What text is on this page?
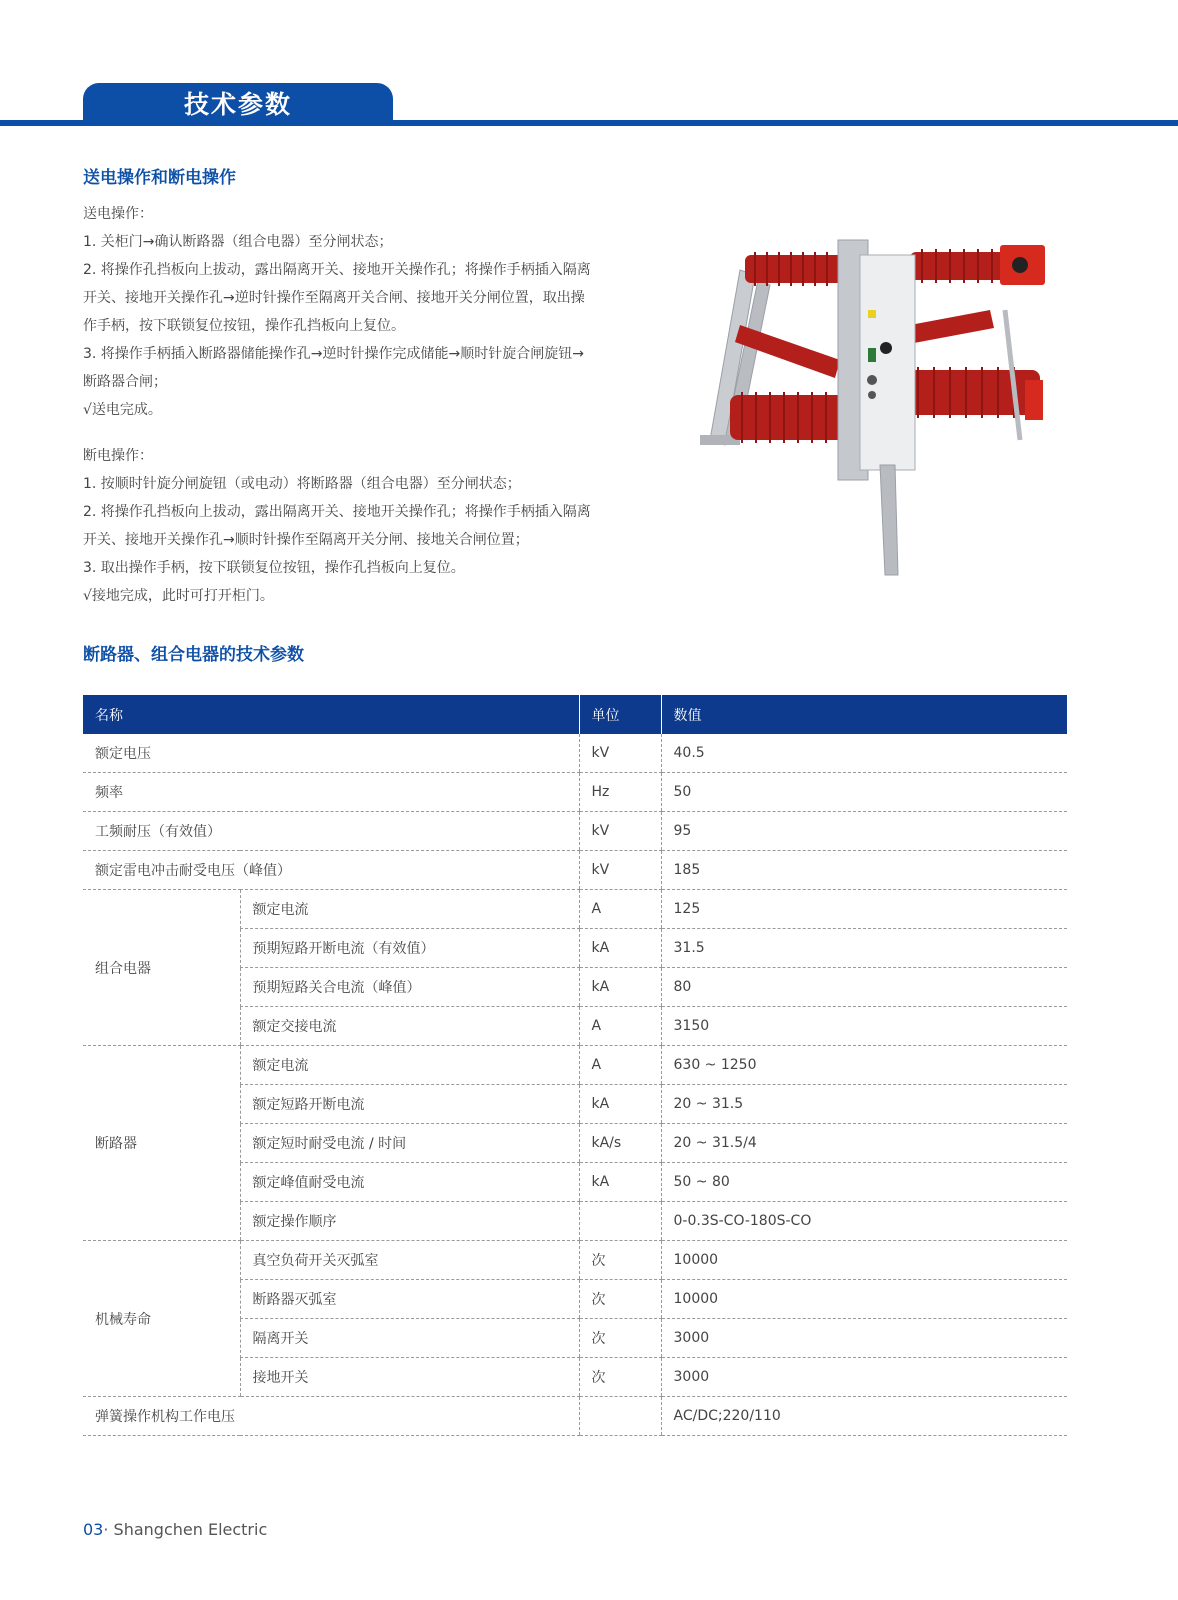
技术参数
送电操作和断电操作

送电操作：

1. 关柜门→确认断路器（组合电器）至分闸状态；

2. 将操作孔挡板向上拔动，露出隔离开关、接地开关操作孔；将操作手柄插入隔离

开关、接地开关操作孔→逆时针操作至隔离开关合闸、接地开关分闸位置，取出操

作手柄，按下联锁复位按钮，操作孔挡板向上复位。

3. 将操作手柄插入断路器储能操作孔→逆时针操作完成储能→顺时针旋合闸旋钮→

断路器合闸；

√送电完成。

断电操作：

1. 按顺时针旋分闸旋钮（或电动）将断路器（组合电器）至分闸状态；

2. 将操作孔挡板向上拔动，露出隔离开关、接地开关操作孔；将操作手柄插入隔离

开关、接地开关操作孔→顺时针操作至隔离开关分闸、接地关合闸位置；

3. 取出操作手柄，按下联锁复位按钮，操作孔挡板向上复位。

√接地完成，此时可打开柜门。

断路器、组合电器的技术参数
名称		单位	数值
额定电压		kV	40.5
频率		Hz	50
工频耐压（有效值）		kV	95
额定雷电冲击耐受电压（峰值）		kV	185
组合电器	额定电流	A	125
	预期短路开断电流（有效值）	kA	31.5
	预期短路关合电流（峰值）	kA	80
	额定交接电流	A	3150
断路器	额定电流	A	630 ~ 1250
	额定短路开断电流	kA	20 ~ 31.5
	额定短时耐受电流 / 时间	kA/s	20 ~ 31.5/4
	额定峰值耐受电流	kA	50 ~ 80
	额定操作顺序		0-0.3S-CO-180S-CO
机械寿命	真空负荷开关灭弧室	次	10000
	断路器灭弧室	次	10000
	隔离开关	次	3000
	接地开关	次	3000
弹簧操作机构工作电压			AC/DC;220/110
03· Shangchen Electric
